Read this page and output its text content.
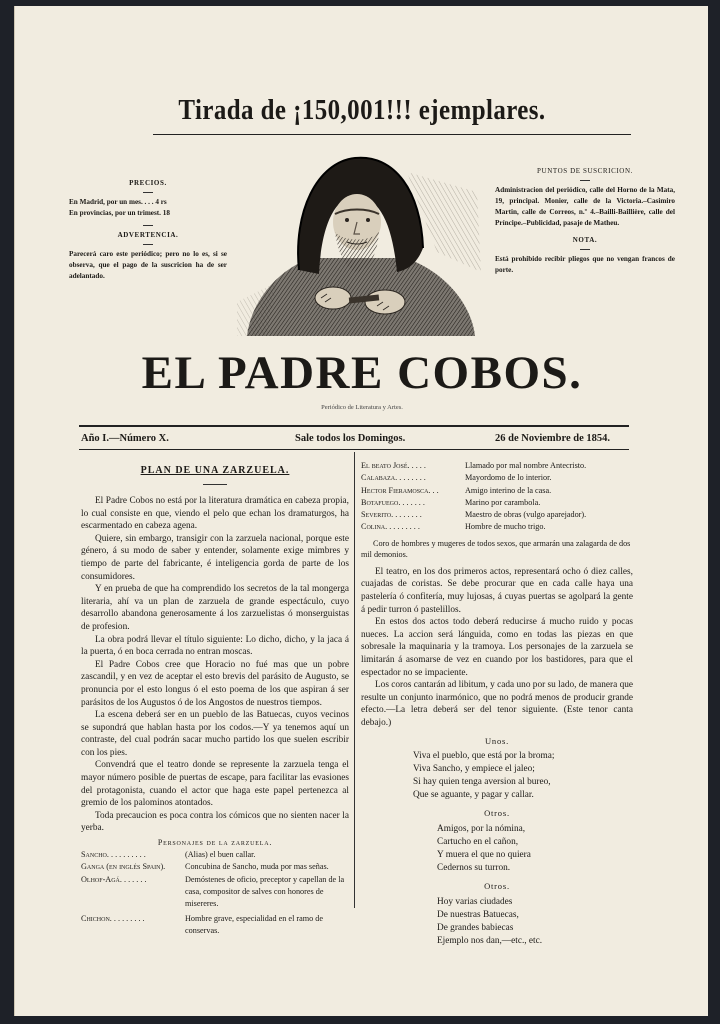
Tirada de ¡150,001!!! ejemplares.
PRECIOS.
En Madrid, por un mes. . . . 4 rs
En provincias, por un trimest. 18
ADVERTENCIA.
Parecerá caro este periódico; pero no lo es, si se observa, que el pago de la suscricion ha de ser adelantado.
PUNTOS DE SUSCRICION.
Administracion del periódico, calle del Horno de la Mata, 19, principal. Monier, calle de la Victoria.–Casimiro Martin, calle de Correos, n.º 4.–Bailli-Baillière, calle del Príncipe.–Publicidad, pasaje de Matheu.
NOTA.
Está prohibido recibir pliegos que no vengan francos de porte.
EL PADRE COBOS.
Periódico de Literatura y Artes.
Año I.—Número X.	Sale todos los Domingos.	26 de Noviembre de 1854.
PLAN DE UNA ZARZUELA.

El Padre Cobos no está por la literatura dramática en cabeza propia, lo cual consiste en que, viendo el pelo que echan los dramaturgos, ha escarmentado en cabeza agena.

Quiere, sin embargo, transigir con la zarzuela nacional, porque este género, á su modo de saber y entender, solamente exige mimbres y tiempo de parte del fabricante, é inteligencia gorda de parte de los consumidores.

Y en prueba de que ha comprendido los secretos de la tal mongerga literaria, ahí va un plan de zarzuela de grande espectáculo, cuyo desarrollo abandona generosamente á los zarzuelistas ó monserguistas de profesion.

La obra podrá llevar el título siguiente: Lo dicho, dicho, y la jaca á la puerta, ó en boca cerrada no entran moscas.

El Padre Cobos cree que Horacio no fué mas que un pobre zascandil, y en vez de aceptar el esto brevis del parásito de Augusto, se pronuncia por el esto longus ó el esto poema de los que aspiran á ser parásitos de los Augustos ó de los Angostos de nuestros tiempos.

La escena deberá ser en un pueblo de las Batuecas, cuyos vecinos se supondrá que hablan hasta por los codos.—Y ya tenemos aquí un contraste, del cual podrán sacar mucho partido los que suelen escribir con los pies.

Convendrá que el teatro donde se represente la zarzuela tenga el mayor número posible de puertas de escape, para facilitar las evasiones del protagonista, cuando el actor que haga este papel pertenezca al gremio de los palominos atontados.

Toda precaucion es poca contra los cómicos que no sienten nacer la yerba.

Personajes de la zarzuela.
Sancho. . . . . . . . . .	(Alias) el buen callar.
Ganga (en inglés Spain).	Concubina de Sancho, muda por mas señas.
Olhof-Agá. . . . . . .	Demóstenes de oficio, preceptor y capellan de la casa, compositor de salves con honores de misereres.
Chichon. . . . . . . . .	Hombre grave, especialidad en el ramo de conservas.
El beato José. . . . .	Llamado por mal nombre Antecristo.
Calabaza. . . . . . . .	Mayordomo de lo interior.
Hector Fieramosca. . .	Amigo interino de la casa.
Botafuego. . . . . . .	Marino por carambola.
Severito. . . . . . . .	Maestro de obras (vulgo aparejador).
Colina. . . . . . . . .	Hombre de mucho trigo.
Coro de hombres y mugeres de todos sexos, que armarán una zalagarda de dos mil demonios.

El teatro, en los dos primeros actos, representará ocho ó diez calles, cuajadas de coristas. Se debe procurar que en cada calle haya una pastelería ó confitería, muy lujosas, á cuyas puertas se agolpará la gente á pedir turron ó pastelillos.

En estos dos actos todo deberá reducirse á mucho ruido y pocas nueces. La accion será lánguida, como en todas las piezas en que sobresale la maquinaria y la tramoya. Los personajes de la zarzuela se limitarán á asomarse de vez en cuando por los bastidores, para que el espectador no se impaciente.

Los coros cantarán ad libitum, y cada uno por su lado, de manera que resulte un conjunto inarmónico, que no podrá menos de producir grande efecto.—La letra deberá ser del tenor siguiente. (Este tenor canta debajo.)

Unos.
Viva el pueblo, que está por la broma;
Viva Sancho, y empiece el jaleo;
Si hay quien tenga aversion al bureo,
Que se aguante, y pagar y callar.
Otros.
Amigos, por la nómina,
Cartucho en el cañon,
Y muera el que no quiera
Cedernos su turron.
Otros.
Hoy varias ciudades
De nuestras Batuecas,
De grandes babiecas
Ejemplo nos dan,—etc., etc.
